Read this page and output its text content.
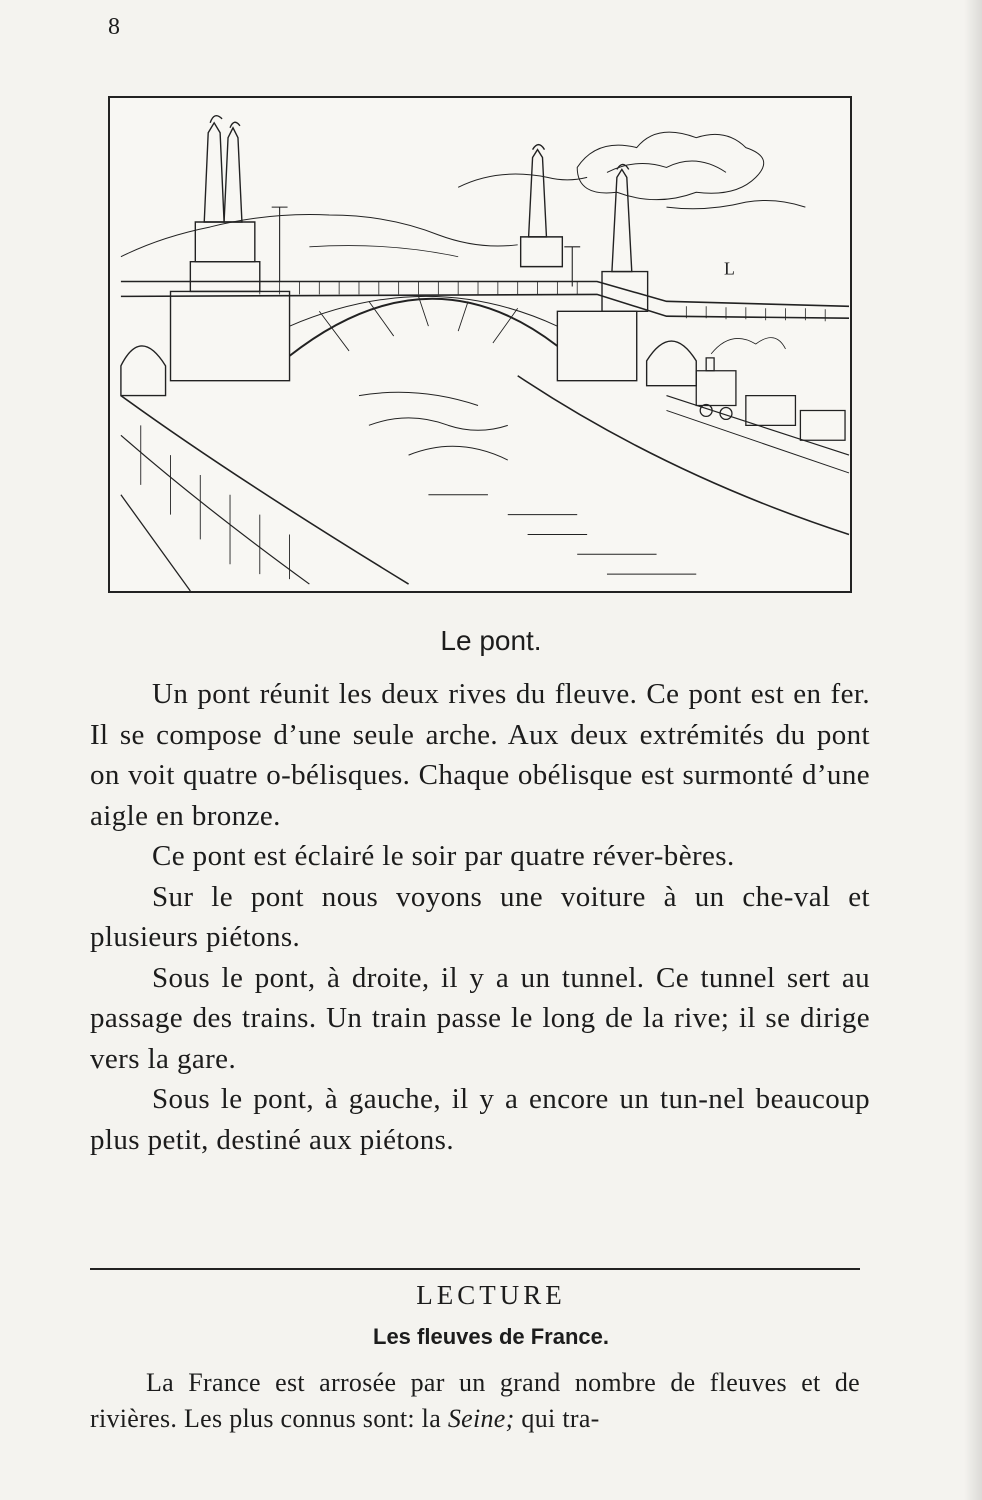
8
L
Le pont.

Un pont réunit les deux rives du fleuve. Ce pont est en fer. Il se compose d’une seule arche. Aux deux extrémités du pont on voit quatre o-bélisques. Chaque obélisque est surmonté d’une aigle en bronze.

Ce pont est éclairé le soir par quatre réver-bères.

Sur le pont nous voyons une voiture à un che-val et plusieurs piétons.

Sous le pont, à droite, il y a un tunnel. Ce tunnel sert au passage des trains. Un train passe le long de la rive; il se dirige vers la gare.

Sous le pont, à gauche, il y a encore un tun-nel beaucoup plus petit, destiné aux piétons.

LECTURE
Les fleuves de France.

La France est arrosée par un grand nombre de fleuves et de rivières. Les plus connus sont: la Seine; qui tra-
